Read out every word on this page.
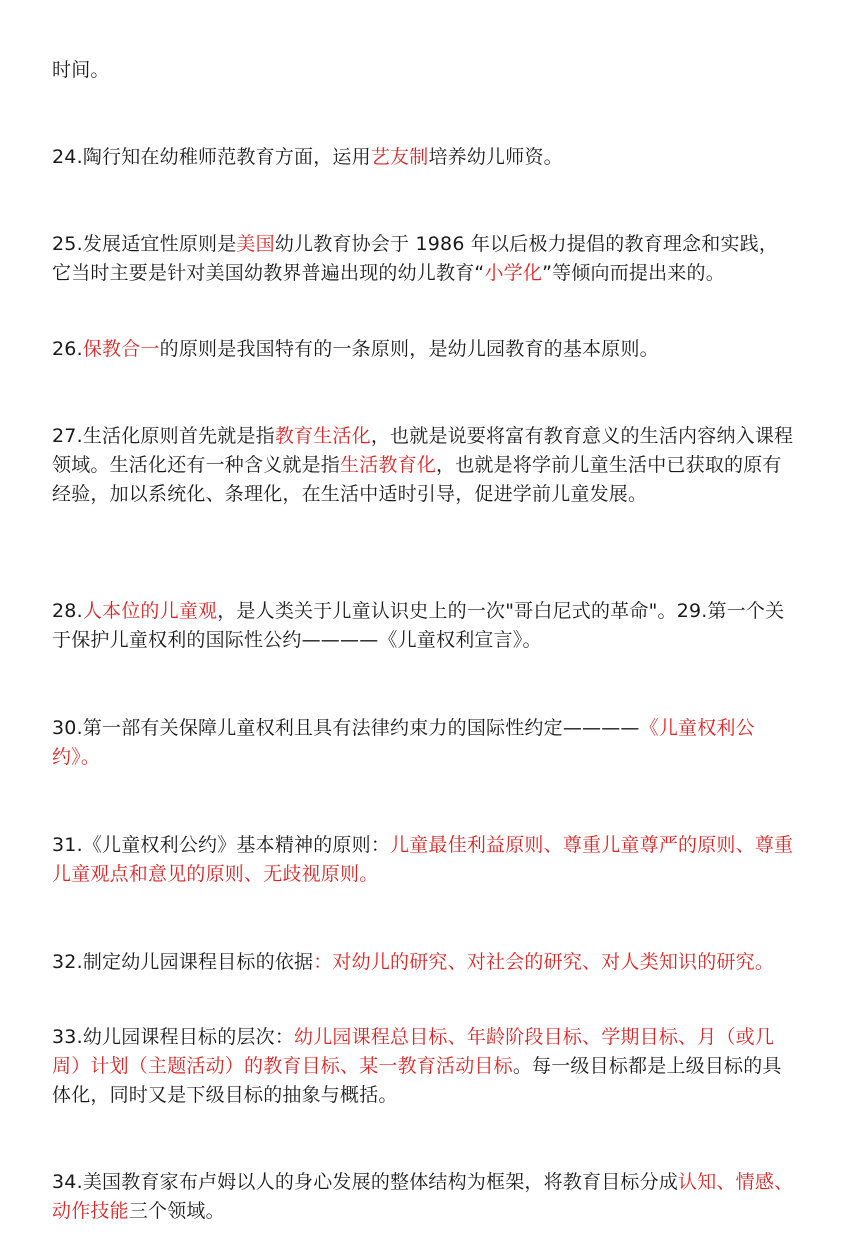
时间。

24.陶行知在幼稚师范教育方面，运用艺友制培养幼儿师资。

25.发展适宜性原则是美国幼儿教育协会于 1986 年以后极力提倡的教育理念和实践，它当时主要是针对美国幼教界普遍出现的幼儿教育“小学化”等倾向而提出来的。

26.保教合一的原则是我国特有的一条原则，是幼儿园教育的基本原则。

27.生活化原则首先就是指教育生活化，也就是说要将富有教育意义的生活内容纳入课程领域。生活化还有一种含义就是指生活教育化，也就是将学前儿童生活中已获取的原有经验，加以系统化、条理化，在生活中适时引导，促进学前儿童发展。

28.人本位的儿童观，是人类关于儿童认识史上的一次"哥白尼式的革命"。29.第一个关于保护儿童权利的国际性公约————《儿童权利宣言》。

30.第一部有关保障儿童权利且具有法律约束力的国际性约定————《儿童权利公约》。

31.《儿童权利公约》基本精神的原则：儿童最佳利益原则、尊重儿童尊严的原则、尊重儿童观点和意见的原则、无歧视原则。

32.制定幼儿园课程目标的依据：对幼儿的研究、对社会的研究、对人类知识的研究。

33.幼儿园课程目标的层次：幼儿园课程总目标、年龄阶段目标、学期目标、月（或几周）计划（主题活动）的教育目标、某一教育活动目标。每一级目标都是上级目标的具体化，同时又是下级目标的抽象与概括。

34.美国教育家布卢姆以人的身心发展的整体结构为框架，将教育目标分成认知、情感、动作技能三个领域。
